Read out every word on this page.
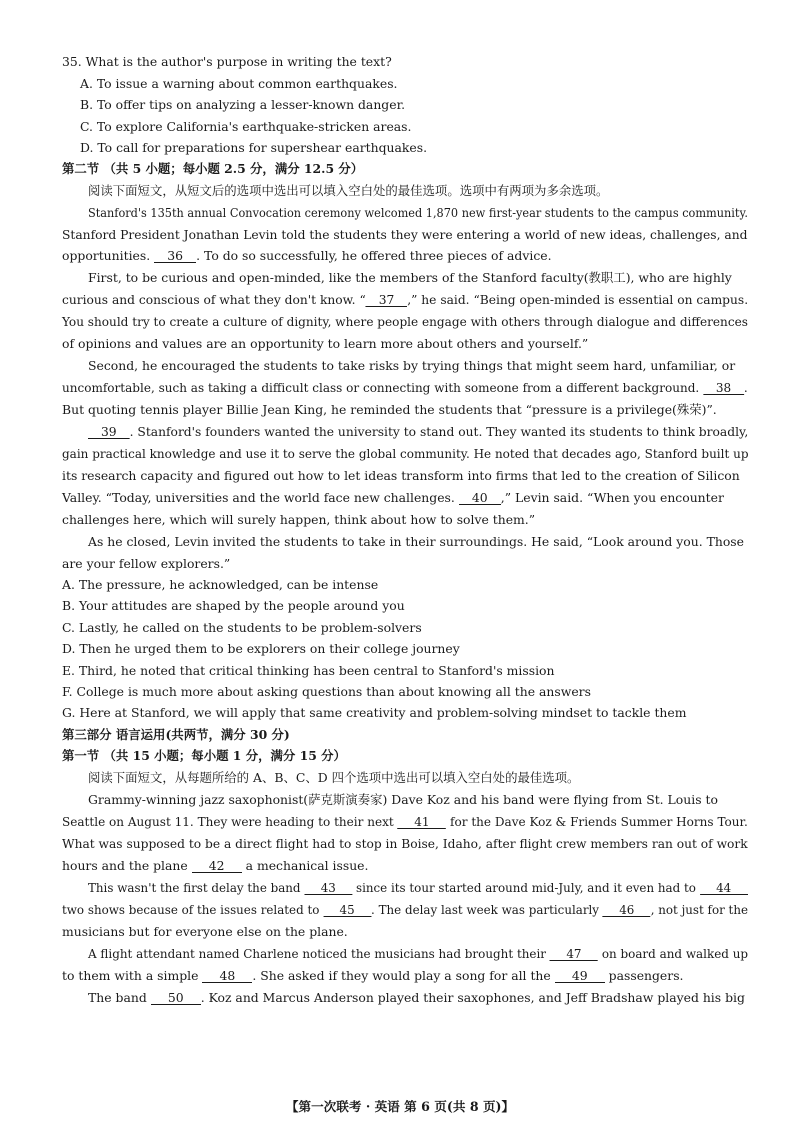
35. What is the author's purpose in writing the text?
A. To issue a warning about common earthquakes.
B. To offer tips on analyzing a lesser-known danger.
C. To explore California's earthquake-stricken areas.
D. To call for preparations for supershear earthquakes.
第二节 （共 5 小题；每小题 2.5 分，满分 12.5 分）
阅读下面短文，从短文后的选项中选出可以填入空白处的最佳选项。选项中有两项为多余选项。
Stanford's 135th annual Convocation ceremony welcomed 1,870 new first-year students to the campus community.
Stanford President Jonathan Levin told the students they were entering a world of new ideas, challenges, and
opportunities. 36 . To do so successfully, he offered three pieces of advice.
First, to be curious and open-minded, like the members of the Stanford faculty(教职工), who are highly
curious and conscious of what they don't know. “ 37 ,” he said. “Being open-minded is essential on campus.
You should try to create a culture of dignity, where people engage with others through dialogue and differences
of opinions and values are an opportunity to learn more about others and yourself.”
Second, he encouraged the students to take risks by trying things that might seem hard, unfamiliar, or
uncomfortable, such as taking a difficult class or connecting with someone from a different background. 38 .
But quoting tennis player Billie Jean King, he reminded the students that “pressure is a privilege(殊荣)”.
39 . Stanford's founders wanted the university to stand out. They wanted its students to think broadly,
gain practical knowledge and use it to serve the global community. He noted that decades ago, Stanford built up
its research capacity and figured out how to let ideas transform into firms that led to the creation of Silicon
Valley. “Today, universities and the world face new challenges. 40 ,” Levin said. “When you encounter
challenges here, which will surely happen, think about how to solve them.”
As he closed, Levin invited the students to take in their surroundings. He said, “Look around you. Those
are your fellow explorers.”
A. The pressure, he acknowledged, can be intense
B. Your attitudes are shaped by the people around you
C. Lastly, he called on the students to be problem-solvers
D. Then he urged them to be explorers on their college journey
E. Third, he noted that critical thinking has been central to Stanford's mission
F. College is much more about asking questions than about knowing all the answers
G. Here at Stanford, we will apply that same creativity and problem-solving mindset to tackle them
第三部分 语言运用(共两节，满分 30 分)
第一节 （共 15 小题；每小题 1 分，满分 15 分）
阅读下面短文，从每题所给的 A、B、C、D 四个选项中选出可以填入空白处的最佳选项。
Grammy-winning jazz saxophonist(萨克斯演奏家) Dave Koz and his band were flying from St. Louis to
Seattle on August 11. They were heading to their next 41 for the Dave Koz & Friends Summer Horns Tour.
What was supposed to be a direct flight had to stop in Boise, Idaho, after flight crew members ran out of work
hours and the plane 42 a mechanical issue.
This wasn't the first delay the band 43 since its tour started around mid-July, and it even had to 44
two shows because of the issues related to 45 . The delay last week was particularly 46 , not just for the
musicians but for everyone else on the plane.
A flight attendant named Charlene noticed the musicians had brought their 47 on board and walked up
to them with a simple 48 . She asked if they would play a song for all the 49 passengers.
The band 50 . Koz and Marcus Anderson played their saxophones, and Jeff Bradshaw played his big
【第一次联考 · 英语 第 6 页(共 8 页)】
